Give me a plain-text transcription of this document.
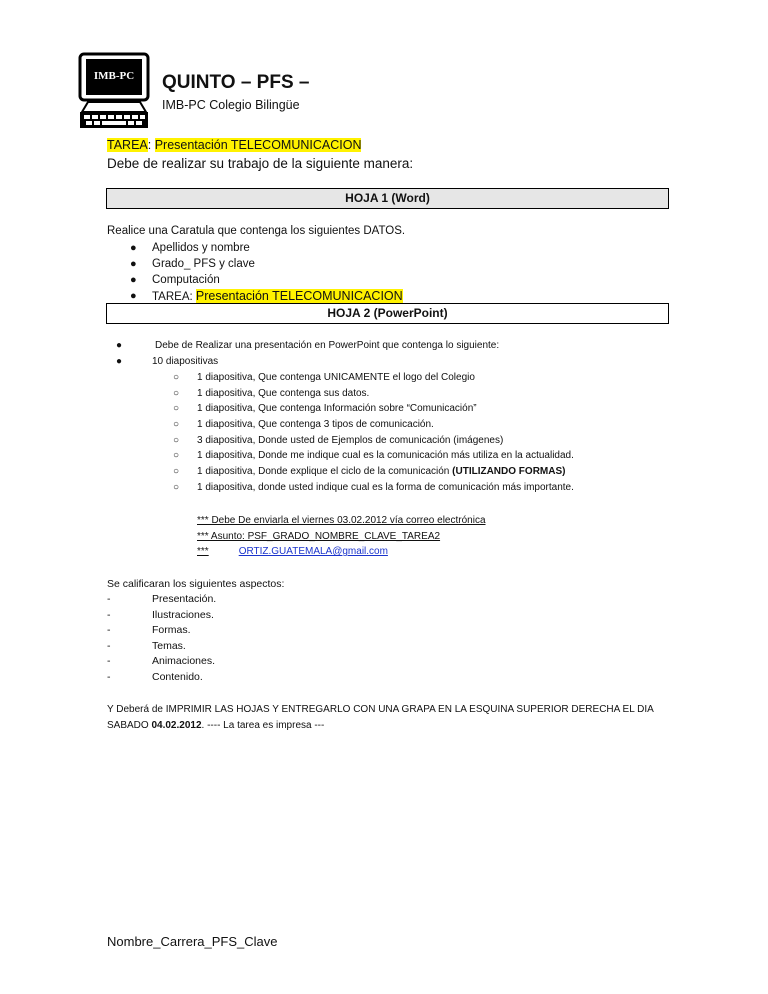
IMB-PC QUINTO – PFS –
IMB-PC Colegio Bilingüe
TAREA: Presentación TELECOMUNICACION
Debe de realizar su trabajo de la siguiente manera:
HOJA 1 (Word)
Realice una Caratula que contenga los siguientes DATOS.
● Apellidos y nombre
● Grado_ PFS y clave
● Computación
● TAREA: Presentación TELECOMUNICACION
HOJA 2 (PowerPoint)
●	Debe de Realizar una presentación en PowerPoint que contenga lo siguiente:
●	10 diapositivas
○ 1 diapositiva, Que contenga UNICAMENTE el logo del Colegio
○ 1 diapositiva, Que contenga sus datos.
○ 1 diapositiva, Que contenga Información sobre “Comunicación”
○ 1 diapositiva, Que contenga 3 tipos de comunicación.
○ 3 diapositiva, Donde usted de Ejemplos de comunicación (imágenes)
○ 1 diapositiva, Donde me indique cual es la comunicación más utiliza en la actualidad.
○ 1 diapositiva, Donde explique el ciclo de la comunicación (UTILIZANDO FORMAS)
○ 1 diapositiva, donde usted indique cual es la forma de comunicación más importante.
*** Debe De enviarla el viernes 03.02.2012 vía correo electrónica
*** Asunto: PSF_GRADO_NOMBRE_CLAVE_TAREA2
***	ORTIZ.GUATEMALA@gmail.com
Se calificaran los siguientes aspectos:
-	Presentación.
-	Ilustraciones.
-	Formas.
-	Temas.
-	Animaciones.
-	Contenido.
Y Deberá de IMPRIMIR LAS HOJAS Y ENTREGARLO CON UNA GRAPA EN LA ESQUINA SUPERIOR DERECHA EL DIA
SABADO 04.02.2012. ---- La tarea es impresa ---
Nombre_Carrera_PFS_Clave
